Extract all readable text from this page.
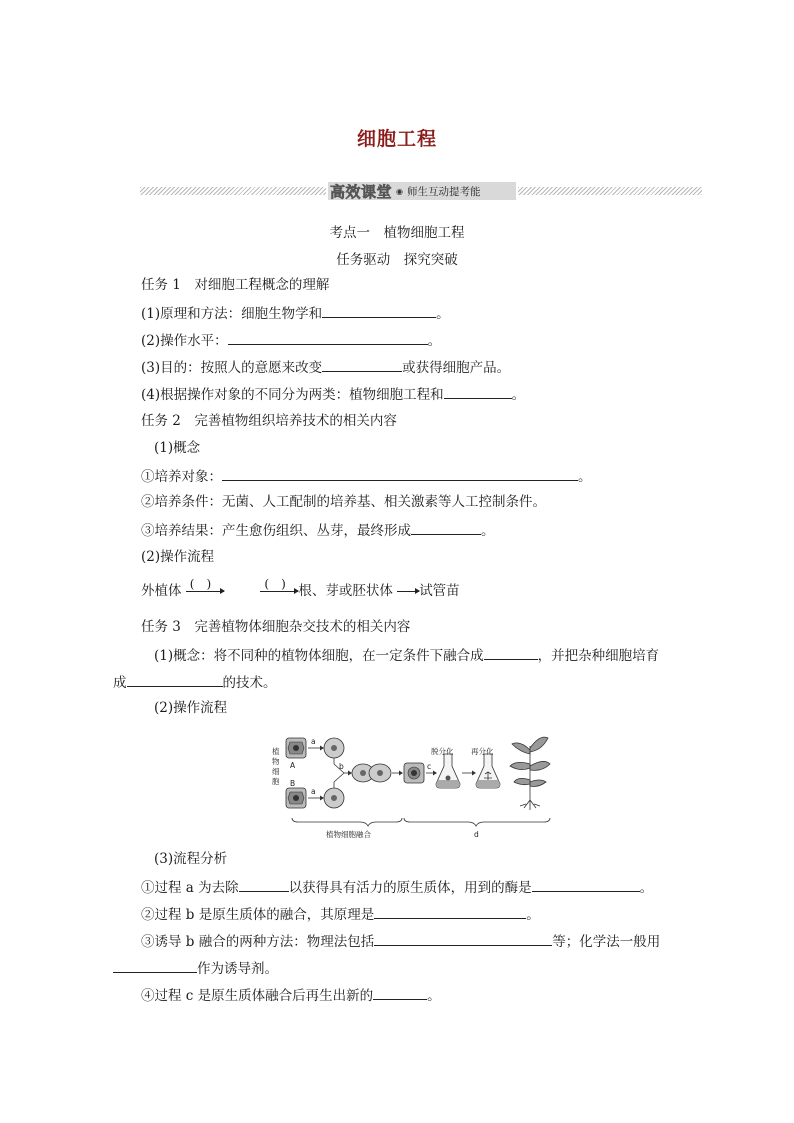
细胞工程
高效课堂 ◉ 师生互动提考能
考点一　植物细胞工程
任务驱动　探究突破
任务 1　对细胞工程概念的理解
(1)原理和方法：细胞生物学和	。
(2)操作水平：	。
(3)目的：按照人的意愿来改变	或获得细胞产品。
(4)根据操作对象的不同分为两类：植物细胞工程和	。
任务 2　完善植物组织培养技术的相关内容
(1)概念
①培养对象：	。
②培养条件：无菌、人工配制的培养基、相关激素等人工控制条件。
③培养结果：产生愈伤组织、丛芽，最终形成	。
(2)操作流程
外植体 (　)
	(　) 根、芽或胚状体 试管苗
任务 3　完善植物体细胞杂交技术的相关内容
(1)概念：将不同种的植物体细胞，在一定条件下融合成	，并把杂种细胞培育
成	的技术。
(2)操作流程
植
物
细
胞
A
B
a
a
b	c
脱分化 再分化
植物细胞融合	d
(3)流程分析
①过程 a 为去除	以获得具有活力的原生质体，用到的酶是	。
②过程 b 是原生质体的融合，其原理是	。
③诱导 b 融合的两种方法：物理法包括	等；化学法一般用
作为诱导剂。
④过程 c 是原生质体融合后再生出新的	。
